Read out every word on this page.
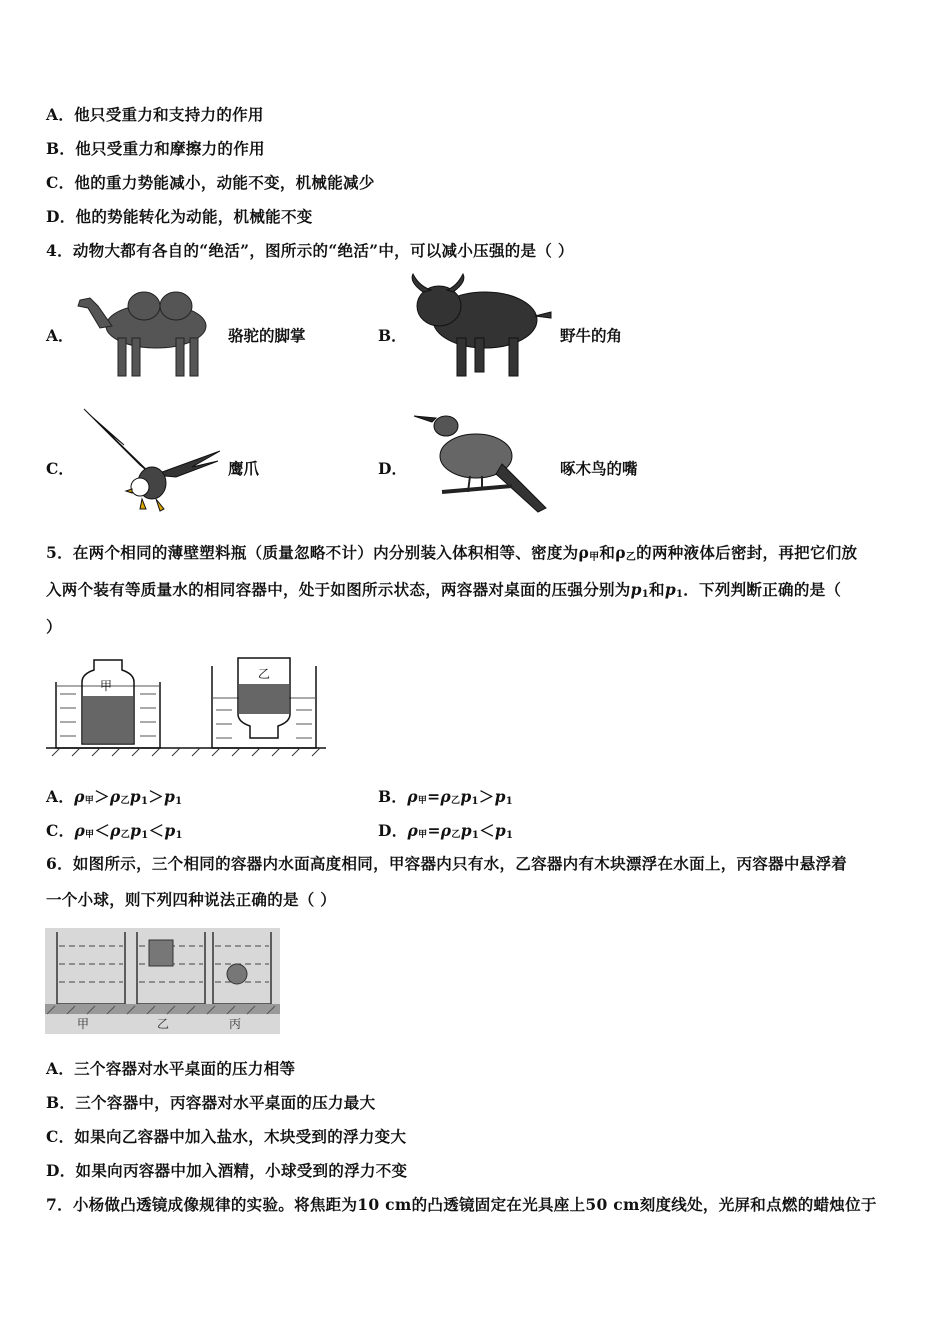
A．他只受重力和支持力的作用
B．他只受重力和摩擦力的作用
C．他的重力势能减小，动能不变，机械能减少
D．他的势能转化为动能，机械能不变
4．动物大都有各自的“绝活”，图所示的“绝活”中，可以减小压强的是（ ）
A．	骆驼的脚掌	B．	野牛的角
C．	鹰爪	D．	啄木鸟的嘴
5．在两个相同的薄壁塑料瓶（质量忽略不计）内分别装入体积相等、密度为$\rho_甲$和$\rho_乙$的两种液体后密封，再把它们放
入两个装有等质量水的相同容器中，处于如图所示状态，两容器对桌面的压强分别为$p_1$和$p_1$．下列判断正确的是（
）
甲
乙
A．ρ甲＞ρ乙$p_1>p_1$	B．ρ甲=ρ乙$p_1>p_1$
C．ρ甲＜ρ乙$p_1<p_1$	D．ρ甲=ρ乙$p_1<p_1$
6．如图所示，三个相同的容器内水面高度相同，甲容器内只有水，乙容器内有木块漂浮在水面上，丙容器中悬浮着
一个小球，则下列四种说法正确的是（ ）
甲	乙	丙
A．三个容器对水平桌面的压力相等
B．三个容器中，丙容器对水平桌面的压力最大
C．如果向乙容器中加入盐水，木块受到的浮力变大
D．如果向丙容器中加入酒精，小球受到的浮力不变
7．小杨做凸透镜成像规律的实验。将焦距为10 cm的凸透镜固定在光具座上50 cm刻度线处，光屏和点燃的蜡烛位于
